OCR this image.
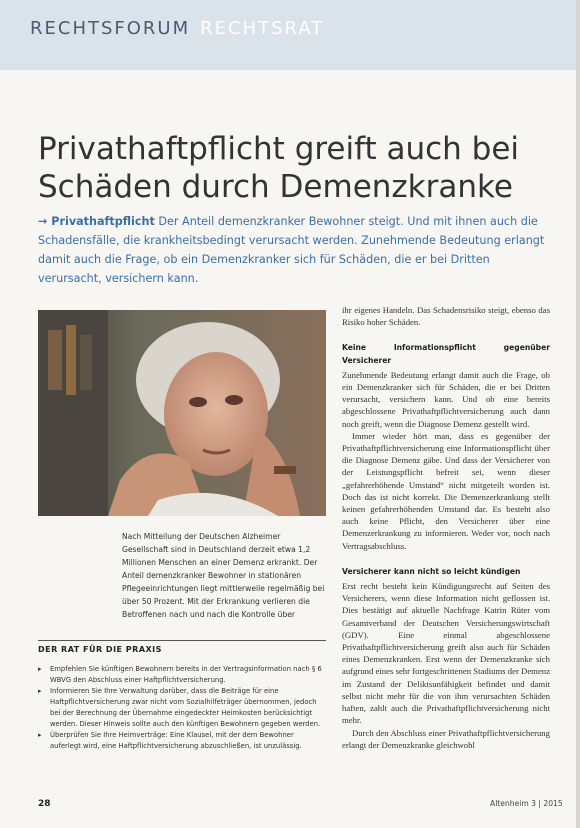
RECHTSFORUM RECHTSRAT
Privathaftpflicht greift auch bei Schäden durch Demenzkranke
→ Privathaftpflicht Der Anteil demenzkranker Bewohner steigt. Und mit ihnen auch die Schadensfälle, die krankheitsbedingt verursacht werden. Zunehmende Bedeutung erlangt damit auch die Frage, ob ein Demenzkranker sich für Schäden, die er bei Dritten verursacht, versichern kann.

Nach Mitteilung der Deutschen Alzheimer Gesellschaft sind in Deutschland derzeit etwa 1,2 Millionen Menschen an einer Demenz erkrankt. Der Anteil demenzkranker Bewohner in stationären Pflegeeinrichtungen liegt mittlerweile regelmäßig bei über 50 Prozent. Mit der Erkrankung verlieren die Betroffenen nach und nach die Kontrolle über

DER RAT FÜR DIE PRAXIS
▸ Empfehlen Sie künftigen Bewohnern bereits in der Vertragsinformation nach § 6 WBVG den Abschluss einer Haftpflichtversicherung.
▸ Informieren Sie Ihre Verwaltung darüber, dass die Beiträge für eine Haftpflichtversicherung zwar nicht vom Sozialhilfeträger übernommen, jedoch bei der Berechnung der Übernahme eingedeckter Heimkosten berücksichtigt werden. Dieser Hinweis sollte auch den künftigen Bewohnern gegeben werden.
▸ Überprüfen Sie Ihre Heimverträge: Eine Klausel, mit der dem Bewohner auferlegt wird, eine Haftpflichtversicherung abzuschließen, ist unzulässig.

ihr eigenes Handeln. Das Schadensrisiko steigt, ebenso das Risiko hoher Schäden.

Keine Informationspflicht gegenüber Versicherer

Zunehmende Bedeutung erlangt damit auch die Frage, ob ein Demenzkranker sich für Schäden, die er bei Dritten verursacht, versichern kann. Und ob eine bereits abgeschlossene Privathaftpflichtversicherung auch dann noch greift, wenn die Diagnose Demenz gestellt wird.

Immer wieder hört man, dass es gegenüber der Privathaftpflichtversicherung eine Informationspflicht über die Diagnose Demenz gäbe. Und dass der Versicherer von der Leistungspflicht befreit sei, wenn dieser „gefahrerhöhende Umstand“ nicht mitgeteilt worden ist. Doch das ist nicht korrekt. Die Demenzerkrankung stellt keinen gefahrerhöhenden Umstand dar. Es besteht also auch keine Pflicht, den Versicherer über eine Demenzerkrankung zu informieren. Weder vor, noch nach Vertragsabschluss.

Versicherer kann nicht so leicht kündigen

Erst recht besteht kein Kündigungsrecht auf Seiten des Versicherers, wenn diese Information nicht geflossen ist. Dies bestätigt auf aktuelle Nachfrage Katrin Rüter vom Gesamtverband der Deutschen Versicherungswirtschaft (GDV). Eine einmal abgeschlossene Privathaftpflichtversicherung greift also auch für Schäden eines Demenzkranken. Erst wenn der Demenzkranke sich aufgrund eines sehr fortgeschrittenen Stadiums der Demenz im Zustand der Deliktsunfähigkeit befindet und damit selbst nicht mehr für die von ihm verursachten Schäden haften, zahlt auch die Privathaftpflichtversicherung nicht mehr.

Durch den Abschluss einer Privathaftpflichtversicherung erlangt der Demenzkranke gleichwohl

28	Altenheim 3 | 2015
